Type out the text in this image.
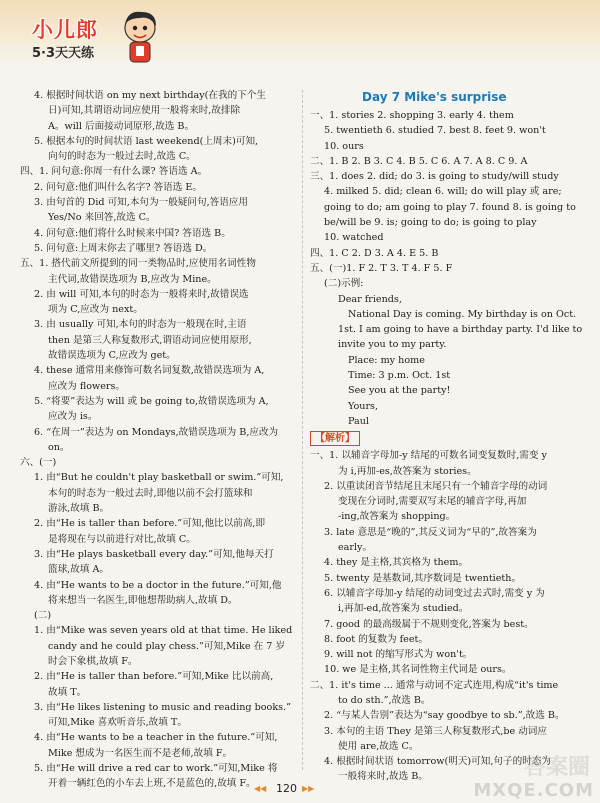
小儿郎
5·3天天练
4. 根据时间状语 on my next birthday(在我的下个生
日)可知,其谓语动词应使用一般将来时,故排除
A。will 后面接动词原形,故选 B。
5. 根据本句的时间状语 last weekend(上周末)可知,
向句的时态为一般过去时,故选 C。
四、1. 问句意:你周一有什么课? 答语选 A。
2. 问句意:他们叫什么名字? 答语选 E。
3. 由句首的 Did 可知,本句为一般疑问句,答语应用
Yes/No 来回答,故选 C。
4. 问句意:他们将什么时候来中国? 答语选 B。
5. 问句意:上周末你去了哪里? 答语选 D。
五、1. 搭代前文所提到的同一类物品时,应使用名词性物
主代词,故错误选项为 B,应改为 Mine。
2. 由 will 可知,本句的时态为一般将来时,故错误选
项为 C,应改为 next。
3. 由 usually 可知,本句的时态为一般现在时,主语
then 是第三人称复数形式,谓语动词应使用原形,
故错误选项为 C,应改为 get。
4. these 通常用来修饰可数名词复数,故错误选项为 A,
应改为 flowers。
5. “将要”表达为 will 或 be going to,故错误选项为 A,
应改为 is。
6. “在周一”表达为 on Mondays,故错误选项为 B,应改为
on。
六、(一)
1. 由“But he couldn't play basketball or swim.”可知,
本句的时态为一般过去时,即他以前不会打篮球和
游泳,故填 B。
2. 由“He is taller than before.”可知,他比以前高,即
是将现在与以前进行对比,故填 C。
3. 由“He plays basketball every day.”可知,他每天打
篮球,故填 A。
4. 由“He wants to be a doctor in the future.”可知,他
将来想当一名医生,即他想帮助病人,故填 D。
(二)
1. 由“Mike was seven years old at that time. He liked
candy and he could play chess.”可知,Mike 在 7 岁
时会下象棋,故填 F。
2. 由“He is taller than before.”可知,Mike 比以前高,
故填 T。
3. 由“He likes listening to music and reading books.”
可知,Mike 喜欢听音乐,故填 T。
4. 由“He wants to be a teacher in the future.”可知,
Mike 想成为一名医生而不是老师,故填 F。
5. 由“He will drive a red car to work.”可知,Mike 将
开着一辆红色的小车去上班,不是蓝色的,故填 F。
Day 7 Mike's surprise
一、1. stories 2. shopping 3. early 4. them
5. twentieth 6. studied 7. best 8. feet 9. won't
10. ours
二、1. B 2. B 3. C 4. B 5. C 6. A 7. A 8. C 9. A
三、1. does 2. did; do 3. is going to study/will study
4. milked 5. did; clean 6. will; do will play 或 are;
going to do; am going to play 7. found 8. is going to
be/will be 9. is; going to do; is going to play
10. watched
四、1. C 2. D 3. A 4. E 5. B
五、(一)1. F 2. T 3. T 4. F 5. F
(二)示例:
Dear friends,
National Day is coming. My birthday is on Oct.
1st. I am going to have a birthday party. I'd like to
invite you to my party.
Place: my home
Time: 3 p.m. Oct. 1st
See you at the party!
Yours,
Paul
【解析】
一、1. 以辅音字母加-y 结尾的可数名词变复数时,需变 y
为 i,再加-es,故答案为 stories。
2. 以重读闭音节结尾且末尾只有一个辅音字母的动词
变现在分词时,需要双写末尾的辅音字母,再加
-ing,故答案为 shopping。
3. late 意思是“晚的”,其反义词为“早的”,故答案为
early。
4. they 是主格,其宾格为 them。
5. twenty 是基数词,其序数词是 twentieth。
6. 以辅音字母加-y 结尾的动词变过去式时,需变 y 为
i,再加-ed,故答案为 studied。
7. good 的最高级属于不规则变化,答案为 best。
8. foot 的复数为 feet。
9. will not 的缩写形式为 won't。
10. we 是主格,其名词性物主代词是 ours。
二、1. it's time ... 通常与动词不定式连用,构成“it's time
to do sth.”,故选 B。
2. “与某人告别”表达为“say goodbye to sb.”,故选 B。
3. 本句的主语 They 是第三人称复数形式,be 动词应
使用 are,故选 C。
4. 根据时间状语 tomorrow(明天)可知,句子的时态为
一般将来时,故选 B。
◀◀ 120 ▶▶
答案圈
MXQE.COM
